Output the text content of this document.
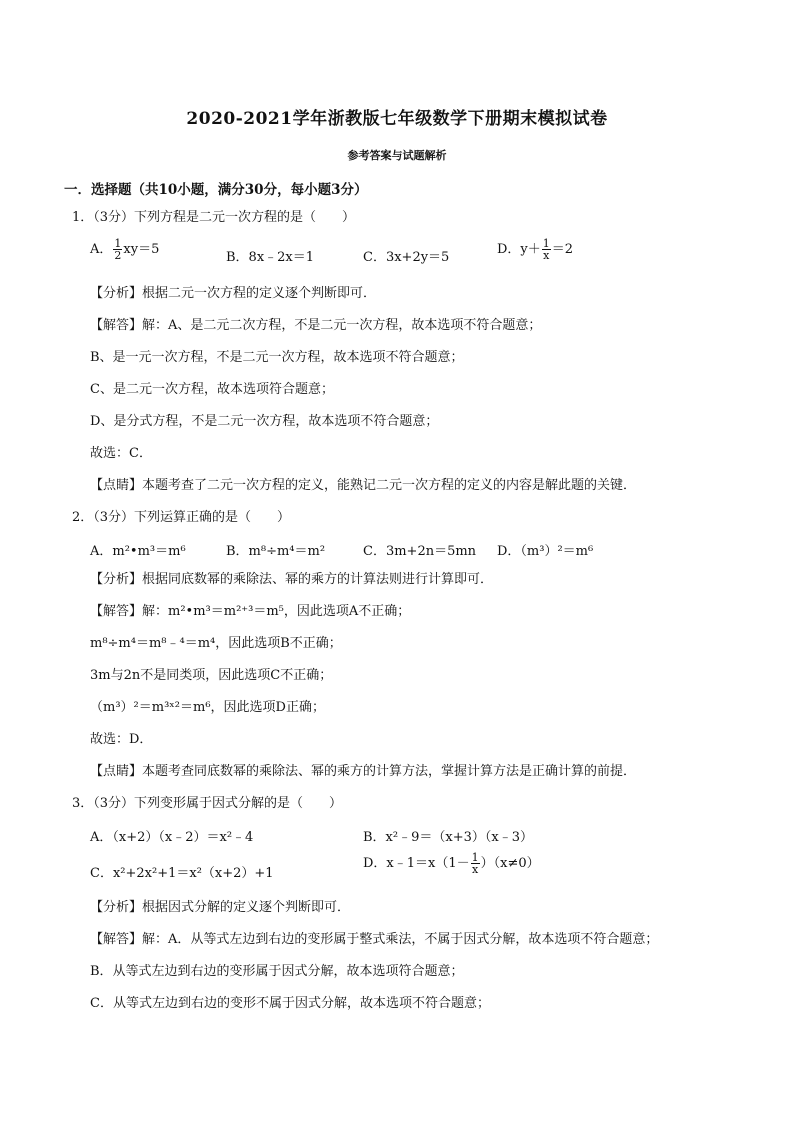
2020-2021学年浙教版七年级数学下册期末模拟试卷
参考答案与试题解析
一．选择题（共10小题，满分30分，每小题3分）
1．（3分）下列方程是二元一次方程的是（　　）
A． $\frac{1}{2} xy=5$
B．8x﹣2x＝1	C．3x+2y＝5
D．$y+ \frac{1}{x} =2$
【分析】根据二元一次方程的定义逐个判断即可．
【解答】解：A、是二元二次方程，不是二元一次方程，故本选项不符合题意；
B、是一元一次方程，不是二元一次方程，故本选项不符合题意；
C、是二元一次方程，故本选项符合题意；
D、是分式方程，不是二元一次方程，故本选项不符合题意；
故选：C．
【点睛】本题考查了二元一次方程的定义，能熟记二元一次方程的定义的内容是解此题的关键．
2．（3分）下列运算正确的是（　　）
A．m²•m³＝m⁶	B．m⁸÷m⁴＝m²	C．3m+2n＝5mn D．（m³）²＝m⁶
【分析】根据同底数幂的乘除法、幂的乘方的计算法则进行计算即可．
【解答】解：m²•m³＝m²⁺³＝m⁵，因此选项A不正确；
m⁸÷m⁴＝m⁸﹣⁴＝m⁴，因此选项B不正确；
3m与2n不是同类项，因此选项C不正确；
（m³）²＝m³ˣ²＝m⁶，因此选项D正确；
故选：D．
【点睛】本题考查同底数幂的乘除法、幂的乘方的计算方法，掌握计算方法是正确计算的前提．
3．（3分）下列变形属于因式分解的是（　　）
A．（x+2）（x﹣2）＝x²﹣4	B．x²﹣9＝（x+3）（x﹣3）
C．x²+2x²+1＝x²（x+2）+1
D．x﹣1＝x（1－ $\frac{1}{x} )(x\ne 0)$
【分析】根据因式分解的定义逐个判断即可．
【解答】解：A．从等式左边到右边的变形属于整式乘法，不属于因式分解，故本选项不符合题意；
B．从等式左边到右边的变形属于因式分解，故本选项符合题意；
C．从等式左边到右边的变形不属于因式分解，故本选项不符合题意；
